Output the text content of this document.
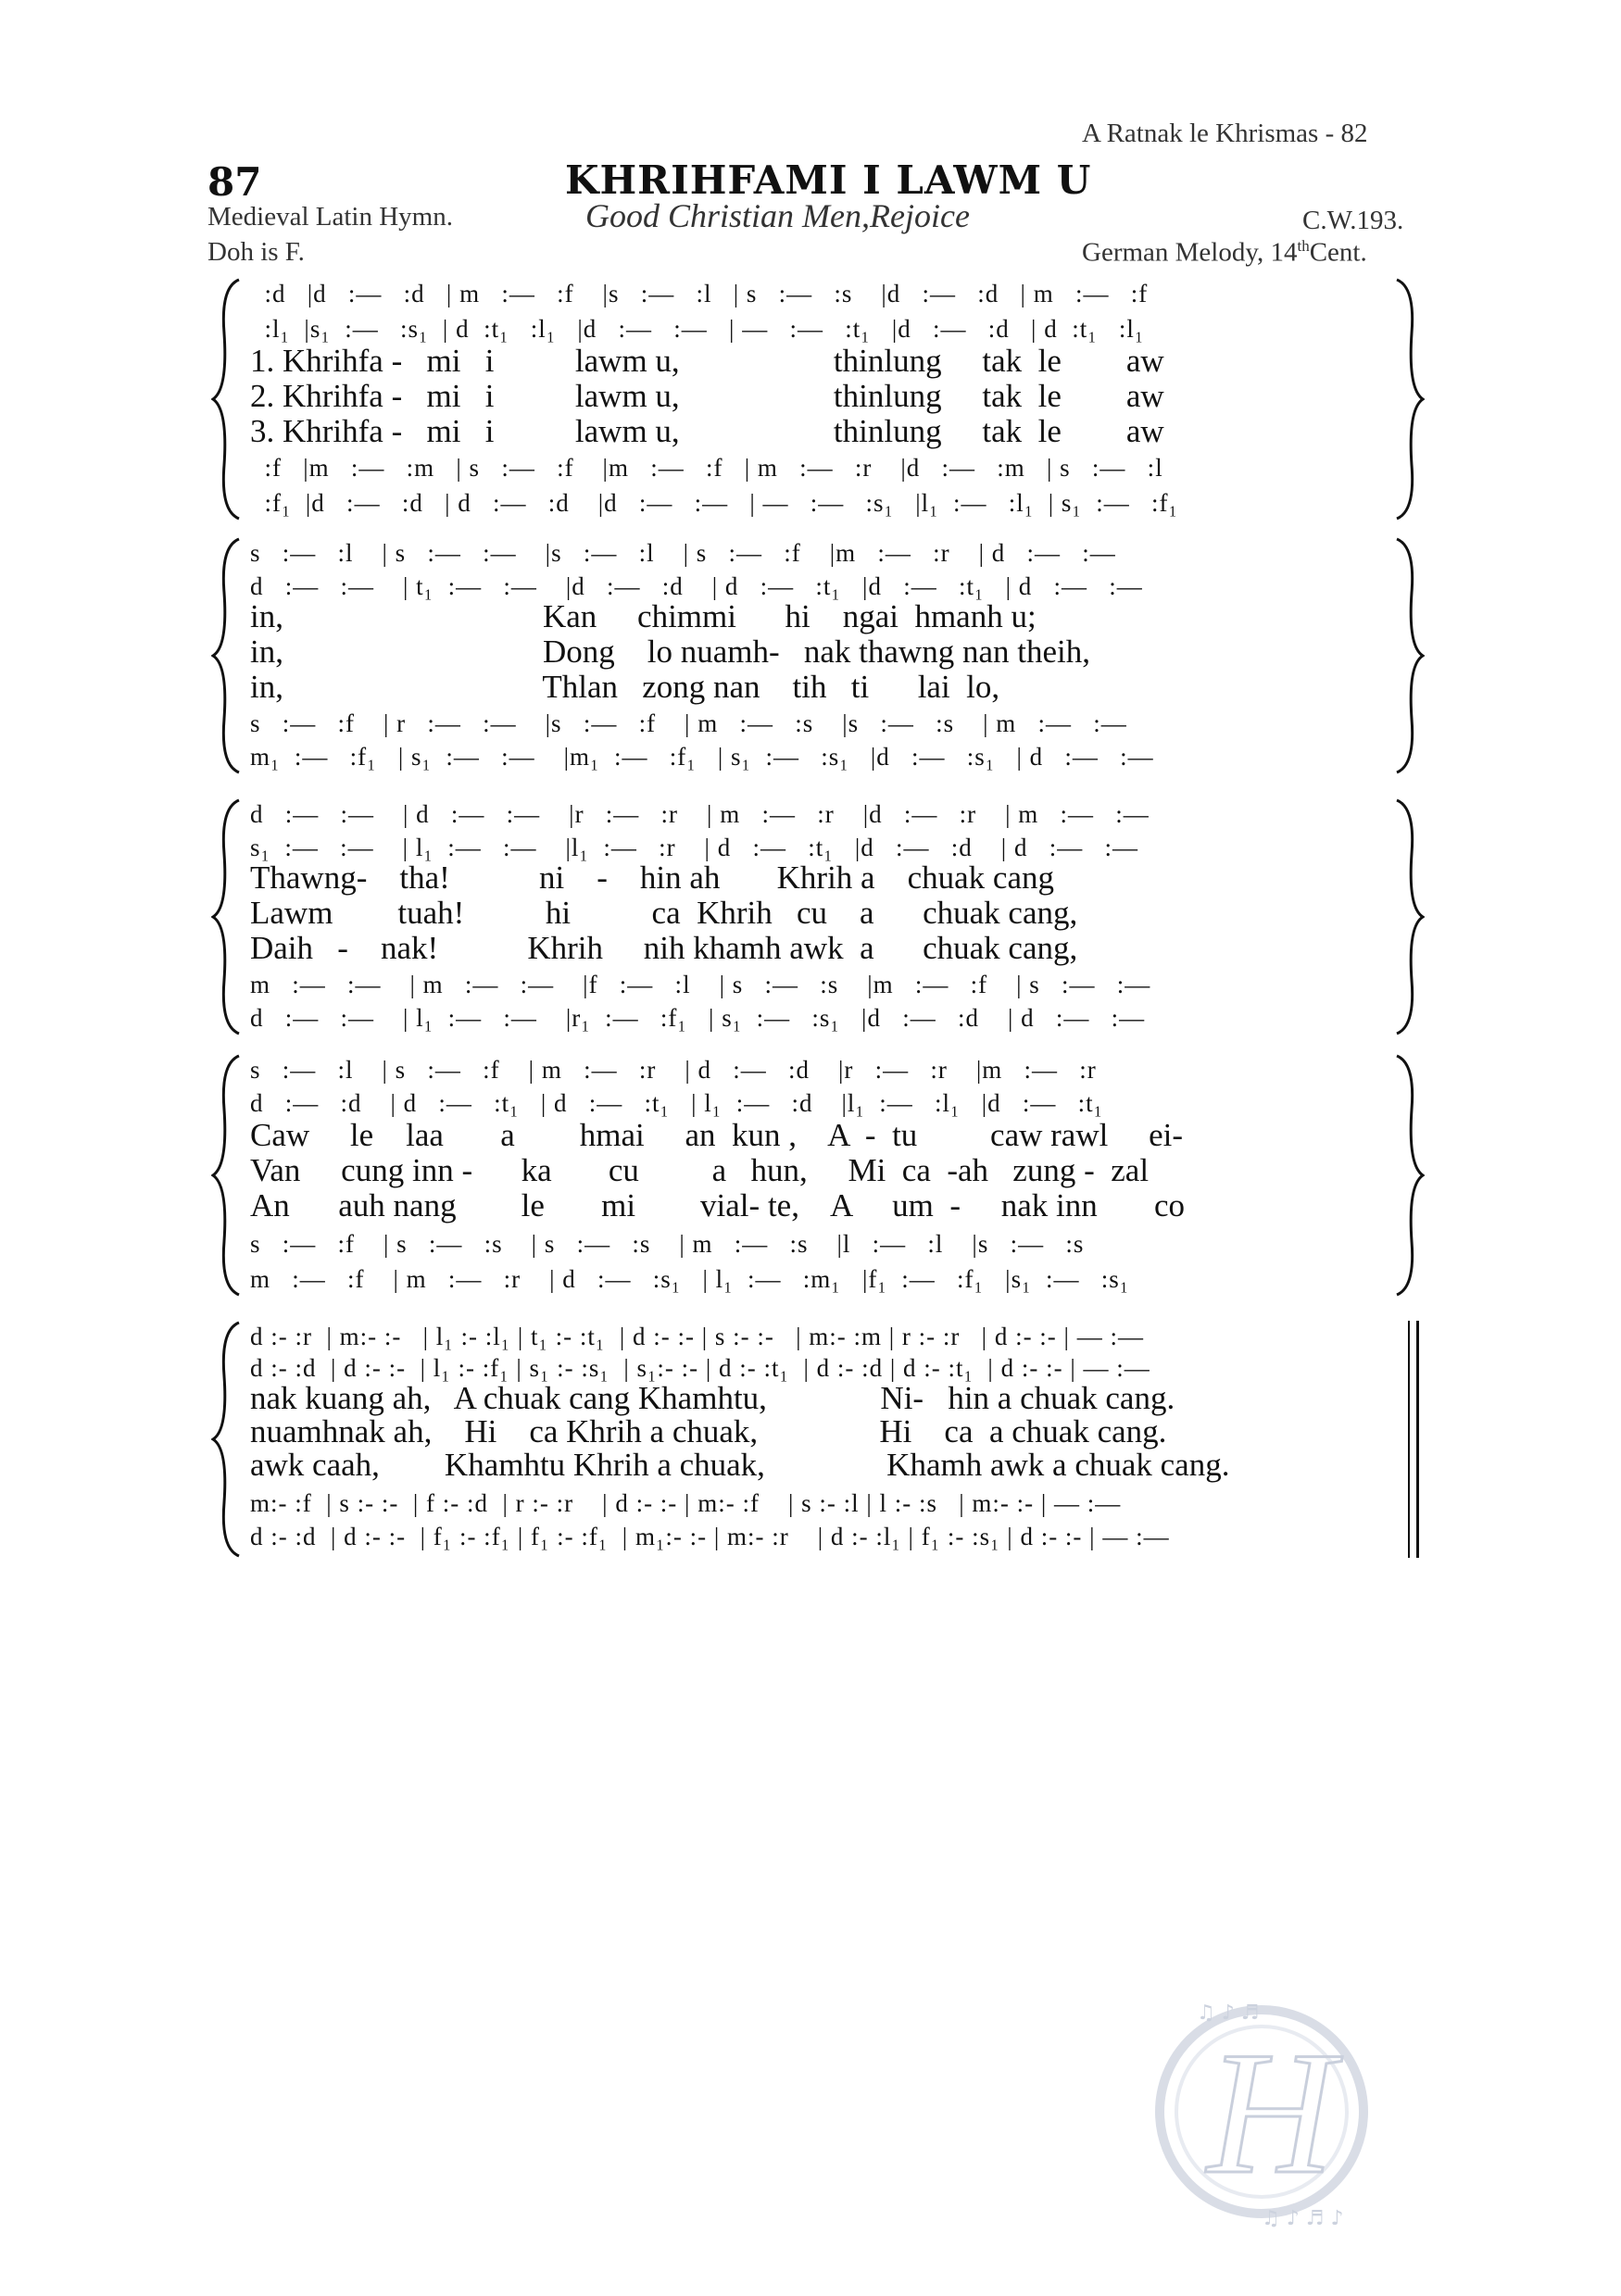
A Ratnak le Khrismas - 82
87	KHRIHFAMI I LAWM U
Medieval Latin Hymn.	Good Christian Men,Rejoice	C.W.193.
Doh is F.	German Melody, 14thCent.
:d   |d   :—   :d   | m   :—   :f    |s   :—   :l   | s   :—   :s    |d   :—   :d   | m   :—   :f
:l₁  |s₁  :—   :s₁  | d  :t₁   :l₁   |d   :—   :—   | —   :—   :t₁   |d   :—   :d   | d  :t₁   :l₁
1. Khrihfa -   mi   i          lawm u,                   thinlung     tak  le        aw
2. Khrihfa -   mi   i          lawm u,                   thinlung     tak  le        aw
3. Khrihfa -   mi   i          lawm u,                   thinlung     tak  le        aw
:f   |m   :—   :m   | s   :—   :f    |m   :—   :f   | m   :—   :r    |d   :—   :m   | s   :—   :l
:f₁  |d   :—   :d   | d   :—   :d    |d   :—   :—   | —   :—   :s₁   |l₁  :—   :l₁  | s₁  :—   :f₁
s   :—   :l    | s   :—   :—    |s   :—   :l    | s   :—   :f    |m   :—   :r    | d   :—   :—
d   :—   :—    | t₁  :—   :—    |d   :—   :d    | d   :—   :t₁   |d   :—   :t₁   | d   :—   :—
in,                                Kan     chimmi      hi    ngai  hmanh u;
in,                                Dong    lo nuamh-   nak thawng nan theih,
in,                                Thlan   zong nan    tih   ti      lai  lo,
s   :—   :f    | r   :—   :—    |s   :—   :f    | m   :—   :s    |s   :—   :s    | m   :—   :—
m₁  :—   :f₁   | s₁  :—   :—    |m₁  :—   :f₁   | s₁  :—   :s₁   |d   :—   :s₁   | d   :—   :—
d   :—   :—    | d   :—   :—    |r   :—   :r    | m   :—   :r    |d   :—   :r    | m   :—   :—
s₁  :—   :—    | l₁  :—   :—    |l₁  :—   :r    | d   :—   :t₁   |d   :—   :d    | d   :—   :—
Thawng-    tha!           ni    -    hin ah       Khrih a    chuak cang
Lawm        tuah!          hi          ca  Khrih   cu    a      chuak cang,
Daih   -    nak!           Khrih     nih khamh awk  a      chuak cang,
m   :—   :—    | m   :—   :—    |f   :—   :l    | s   :—   :s    |m   :—   :f    | s   :—   :—
d   :—   :—    | l₁  :—   :—    |r₁  :—   :f₁   | s₁  :—   :s₁   |d   :—   :d    | d   :—   :—
s   :—   :l    | s   :—   :f    | m   :—   :r    | d   :—   :d    |r   :—   :r    |m   :—   :r
d   :—   :d    | d   :—   :t₁   | d   :—   :t₁   | l₁  :—   :d    |l₁  :—   :l₁   |d   :—   :t₁
Caw     le    laa       a        hmai     an  kun ,    A  -  tu         caw rawl     ei-
Van     cung inn -      ka       cu         a   hun,     Mi  ca  -ah   zung -  zal
An      auh nang        le       mi        vial- te,    A     um  -     nak inn       co
s   :—   :f    | s   :—   :s    | s   :—   :s    | m   :—   :s    |l   :—   :l    |s   :—   :s
m   :—   :f    | m   :—   :r    | d   :—   :s₁   | l₁  :—   :m₁   |f₁  :—   :f₁   |s₁  :—   :s₁
d :- :r  | m:- :-   | l₁ :- :l₁ | t₁ :- :t₁  | d :- :- | s :- :-   | m:- :m | r :- :r   | d :- :- | — :—
d :- :d  | d :- :-  | l₁ :- :f₁ | s₁ :- :s₁  | s₁:- :- | d :- :t₁  | d :- :d | d :- :t₁  | d :- :- | — :—
nak kuang ah,   A chuak cang Khamhtu,              Ni-   hin a chuak cang.
nuamhnak ah,    Hi    ca Khrih a chuak,               Hi    ca  a chuak cang.
awk caah,        Khamhtu Khrih a chuak,               Khamh awk a chuak cang.
m:- :f  | s :- :-  | f :- :d  | r :- :r    | d :- :- | m:- :f    | s :- :l | l :- :s   | m:- :- | — :—
d :- :d  | d :- :-  | f₁ :- :f₁ | f₁ :- :f₁  | m₁:- :- | m:- :r    | d :- :l₁ | f₁ :- :s₁ | d :- :- | — :—
H
♫ ♪ ♬
♫ ♪ ♬ ♪
